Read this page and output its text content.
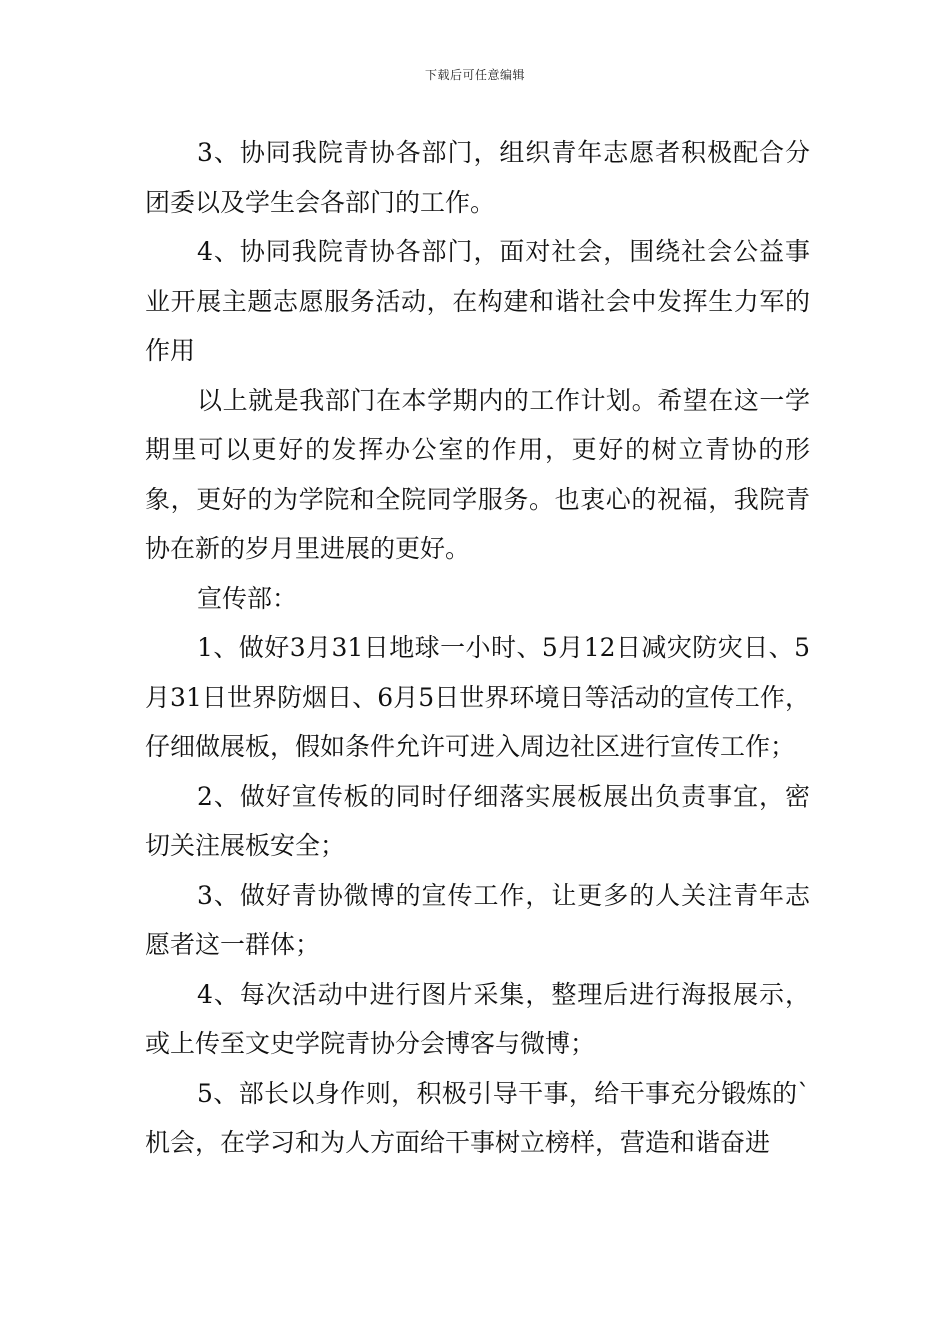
下载后可任意编辑

3、协同我院青协各部门，组织青年志愿者积极配合分团委以及学生会各部门的工作。

4、协同我院青协各部门，面对社会，围绕社会公益事业开展主题志愿服务活动，在构建和谐社会中发挥生力军的作用

以上就是我部门在本学期内的工作计划。希望在这一学期里可以更好的发挥办公室的作用，更好的树立青协的形象，更好的为学院和全院同学服务。也衷心的祝福，我院青协在新的岁月里进展的更好。

宣传部：

1、做好3月31日地球一小时、5月12日减灾防灾日、5月31日世界防烟日、6月5日世界环境日等活动的宣传工作，仔细做展板，假如条件允许可进入周边社区进行宣传工作；

2、做好宣传板的同时仔细落实展板展出负责事宜，密切关注展板安全；

3、做好青协微博的宣传工作，让更多的人关注青年志愿者这一群体；

4、每次活动中进行图片采集，整理后进行海报展示，或上传至文史学院青协分会博客与微博；

5、部长以身作则，积极引导干事，给干事充分锻炼的`机会，在学习和为人方面给干事树立榜样，营造和谐奋进
